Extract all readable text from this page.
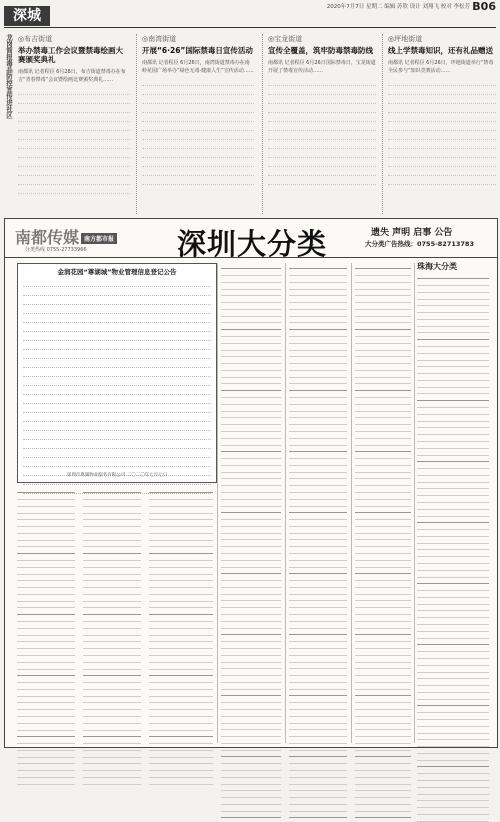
深城
2020年7月7日 星期二 编辑 苏欣 设计 刘翔飞 校对 李松芳 B06
龙岗简报毒品防控宣传进社区 ◎布吉街道
举办禁毒工作会议暨禁毒绘画大赛颁奖典礼
南都讯 记者程臣 6月28日，布吉街道禁毒办在布吉“青春禁毒”会议暨绘画比赛颁奖典礼……
◎南湾街道
开展“6·26”国际禁毒日宣传活动
南都讯 记者程臣 6月26日，南湾街道禁毒办在南岭花园广场举办“绿色无毒·健康人生”宣传活动……
◎宝龙街道
宣传全覆盖，筑牢防毒禁毒防线
南都讯 记者程臣 6月26日国际禁毒日，宝龙街道开展了禁毒宣传活动……
◎坪地街道
线上学禁毒知识，还有礼品赠送
南都讯 记者程臣 6月26日，坪地街道举行“禁毒全民参与”知识竞赛活动……
南都传媒 南方都市报
分类热线 0755-27733966	深圳大分类	遗失 声明 启事 公告
大分类广告热线：0755-82713783
金润花园“尊湖城”物业管理信息登记公告
深圳市尊湖物业服务有限公司 二〇二〇年七月七日
珠海大分类
